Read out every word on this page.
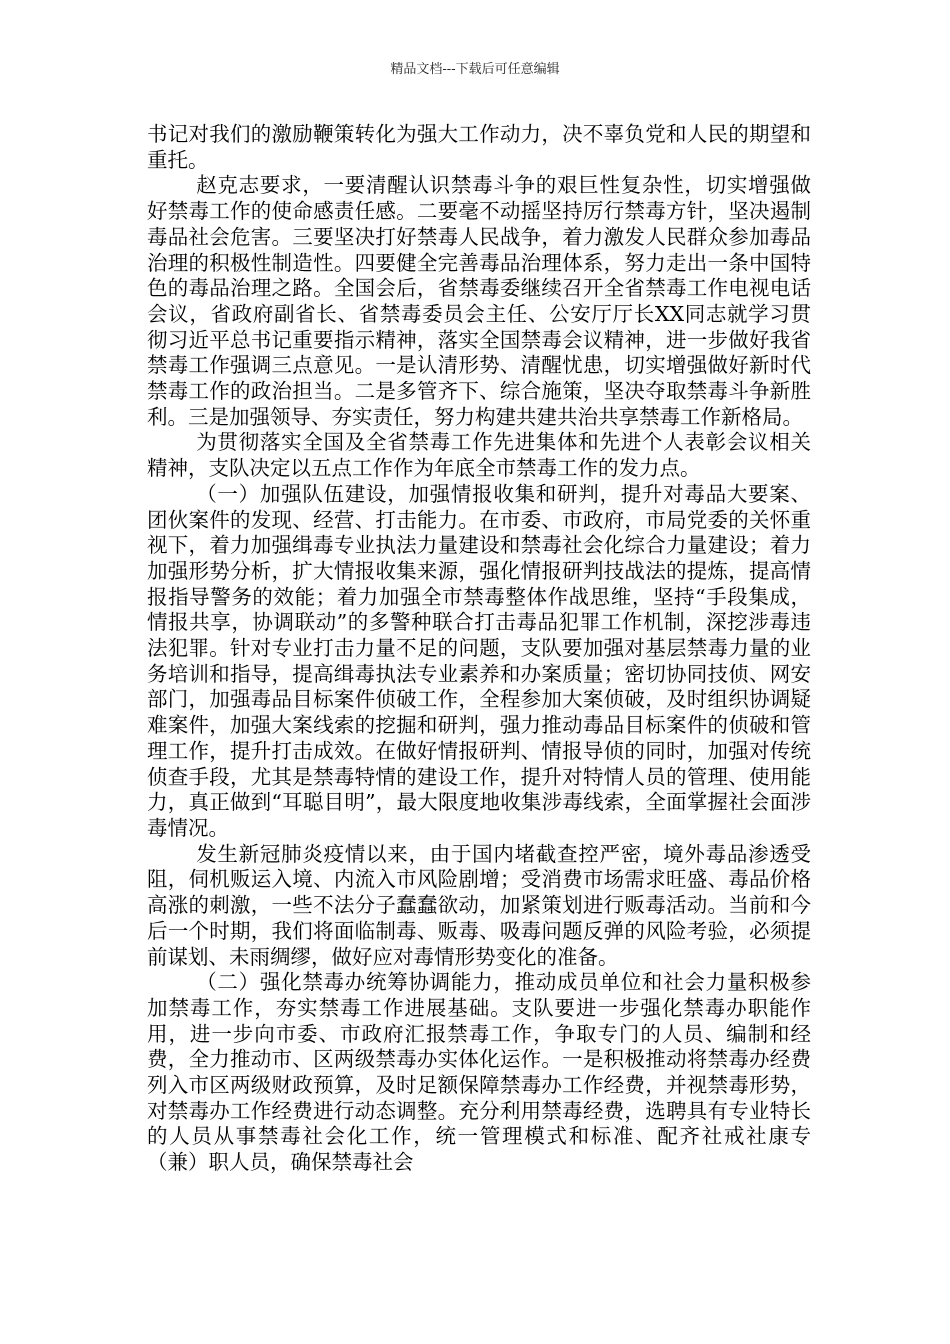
精品文档---下载后可任意编辑

书记对我们的激励鞭策转化为强大工作动力，决不辜负党和人民的期望和重托。

赵克志要求，一要清醒认识禁毒斗争的艰巨性复杂性，切实增强做好禁毒工作的使命感责任感。二要毫不动摇坚持厉行禁毒方针，坚决遏制毒品社会危害。三要坚决打好禁毒人民战争，着力激发人民群众参加毒品治理的积极性制造性。四要健全完善毒品治理体系，努力走出一条中国特色的毒品治理之路。全国会后，省禁毒委继续召开全省禁毒工作电视电话会议，省政府副省长、省禁毒委员会主任、公安厅厅长XX同志就学习贯彻习近平总书记重要指示精神，落实全国禁毒会议精神，进一步做好我省禁毒工作强调三点意见。一是认清形势、清醒忧患，切实增强做好新时代禁毒工作的政治担当。二是多管齐下、综合施策，坚决夺取禁毒斗争新胜利。三是加强领导、夯实责任，努力构建共建共治共享禁毒工作新格局。

为贯彻落实全国及全省禁毒工作先进集体和先进个人表彰会议相关精神，支队决定以五点工作作为年底全市禁毒工作的发力点。

（一）加强队伍建设，加强情报收集和研判，提升对毒品大要案、团伙案件的发现、经营、打击能力。在市委、市政府，市局党委的关怀重视下，着力加强缉毒专业执法力量建设和禁毒社会化综合力量建设；着力加强形势分析，扩大情报收集来源，强化情报研判技战法的提炼，提高情报指导警务的效能；着力加强全市禁毒整体作战思维，坚持“手段集成，情报共享，协调联动”的多警种联合打击毒品犯罪工作机制，深挖涉毒违法犯罪。针对专业打击力量不足的问题，支队要加强对基层禁毒力量的业务培训和指导，提高缉毒执法专业素养和办案质量；密切协同技侦、网安部门，加强毒品目标案件侦破工作，全程参加大案侦破，及时组织协调疑难案件，加强大案线索的挖掘和研判，强力推动毒品目标案件的侦破和管理工作，提升打击成效。在做好情报研判、情报导侦的同时，加强对传统侦查手段，尤其是禁毒特情的建设工作，提升对特情人员的管理、使用能力，真正做到“耳聪目明”，最大限度地收集涉毒线索，全面掌握社会面涉毒情况。

发生新冠肺炎疫情以来，由于国内堵截查控严密，境外毒品渗透受阻，伺机贩运入境、内流入市风险剧增；受消费市场需求旺盛、毒品价格高涨的刺激，一些不法分子蠢蠢欲动，加紧策划进行贩毒活动。当前和今后一个时期，我们将面临制毒、贩毒、吸毒问题反弹的风险考验，必须提前谋划、未雨绸缪，做好应对毒情形势变化的准备。

（二）强化禁毒办统筹协调能力，推动成员单位和社会力量积极参加禁毒工作，夯实禁毒工作进展基础。支队要进一步强化禁毒办职能作用，进一步向市委、市政府汇报禁毒工作，争取专门的人员、编制和经费，全力推动市、区两级禁毒办实体化运作。一是积极推动将禁毒办经费列入市区两级财政预算，及时足额保障禁毒办工作经费，并视禁毒形势，对禁毒办工作经费进行动态调整。充分利用禁毒经费，选聘具有专业特长的人员从事禁毒社会化工作，统一管理模式和标准、配齐社戒社康专（兼）职人员，确保禁毒社会
